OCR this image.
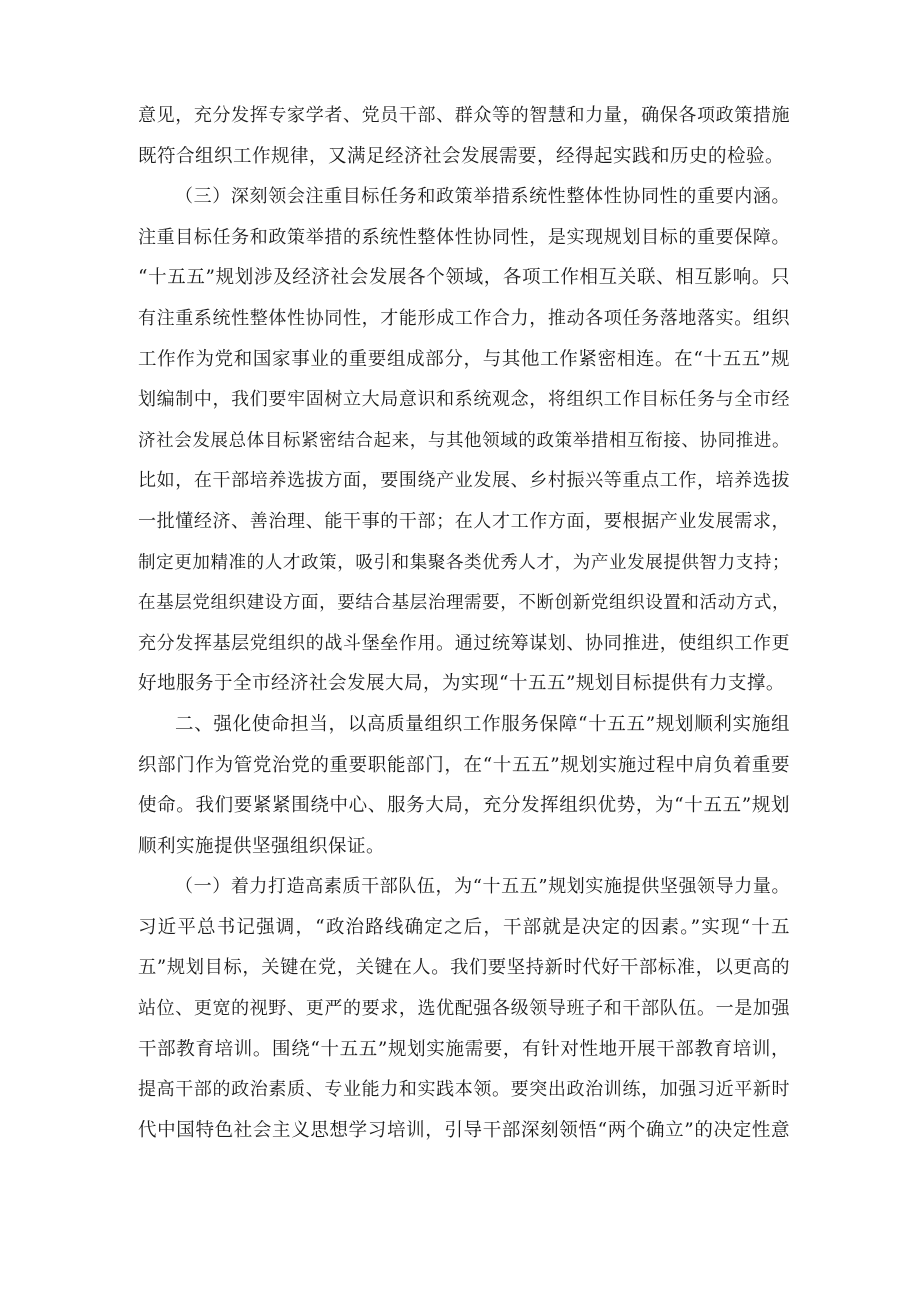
意见，充分发挥专家学者、党员干部、群众等的智慧和力量，确保各项政策措施
既符合组织工作规律，又满足经济社会发展需要，经得起实践和历史的检验。
（三）深刻领会注重目标任务和政策举措系统性整体性协同性的重要内涵。
注重目标任务和政策举措的系统性整体性协同性，是实现规划目标的重要保障。
“十五五”规划涉及经济社会发展各个领域，各项工作相互关联、相互影响。只
有注重系统性整体性协同性，才能形成工作合力，推动各项任务落地落实。组织
工作作为党和国家事业的重要组成部分，与其他工作紧密相连。在“十五五”规
划编制中，我们要牢固树立大局意识和系统观念，将组织工作目标任务与全市经
济社会发展总体目标紧密结合起来，与其他领域的政策举措相互衔接、协同推进。
比如，在干部培养选拔方面，要围绕产业发展、乡村振兴等重点工作，培养选拔
一批懂经济、善治理、能干事的干部；在人才工作方面，要根据产业发展需求，
制定更加精准的人才政策，吸引和集聚各类优秀人才，为产业发展提供智力支持；
在基层党组织建设方面，要结合基层治理需要，不断创新党组织设置和活动方式，
充分发挥基层党组织的战斗堡垒作用。通过统筹谋划、协同推进，使组织工作更
好地服务于全市经济社会发展大局，为实现“十五五”规划目标提供有力支撑。
二、强化使命担当，以高质量组织工作服务保障“十五五”规划顺利实施组
织部门作为管党治党的重要职能部门，在“十五五”规划实施过程中肩负着重要
使命。我们要紧紧围绕中心、服务大局，充分发挥组织优势，为“十五五”规划
顺利实施提供坚强组织保证。
（一）着力打造高素质干部队伍，为“十五五”规划实施提供坚强领导力量。
习近平总书记强调，“政治路线确定之后，干部就是决定的因素。”实现“十五
五”规划目标，关键在党，关键在人。我们要坚持新时代好干部标准，以更高的
站位、更宽的视野、更严的要求，选优配强各级领导班子和干部队伍。一是加强
干部教育培训。围绕“十五五”规划实施需要，有针对性地开展干部教育培训，
提高干部的政治素质、专业能力和实践本领。要突出政治训练，加强习近平新时
代中国特色社会主义思想学习培训，引导干部深刻领悟“两个确立”的决定性意
